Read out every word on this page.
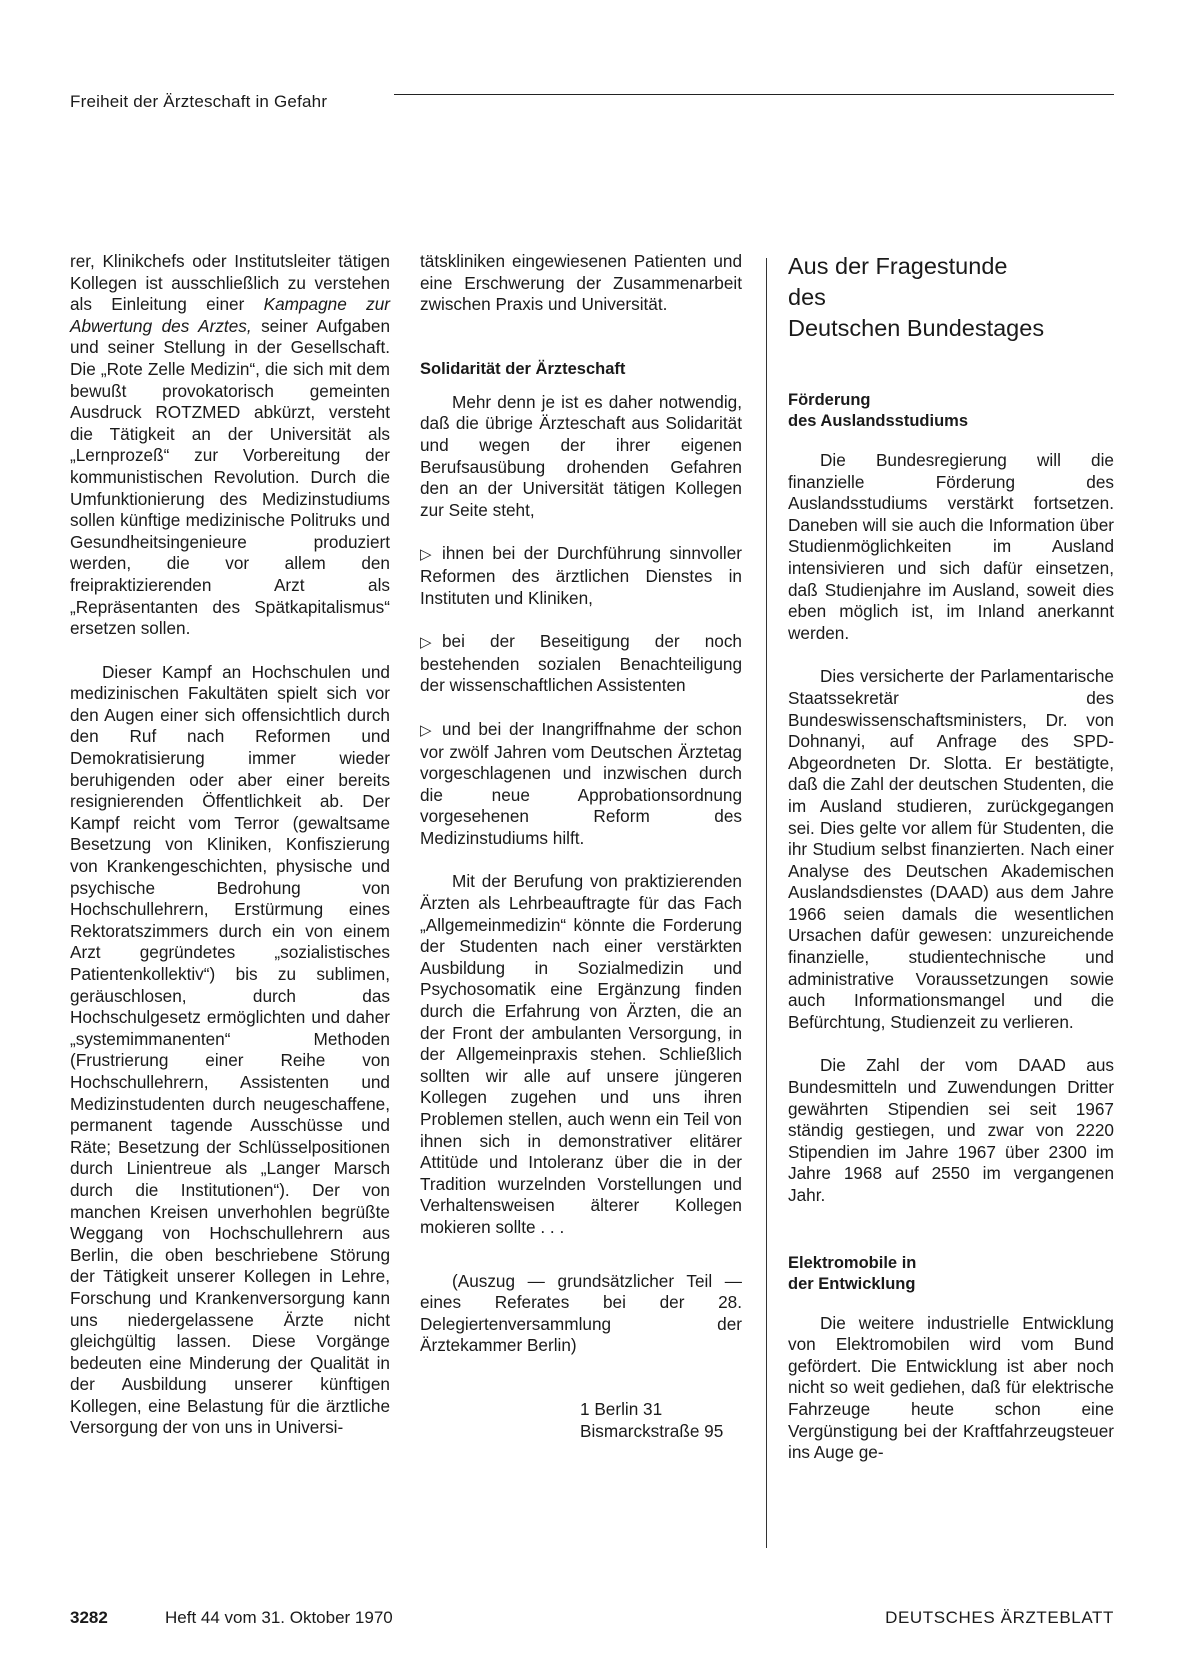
Freiheit der Ärzteschaft in Gefahr

rer, Klinikchefs oder Institutsleiter tätigen Kollegen ist ausschließlich zu verstehen als Einleitung einer Kampagne zur Abwertung des Arztes, seiner Aufgaben und seiner Stellung in der Gesellschaft. Die „Rote Zelle Medizin“, die sich mit dem bewußt provokatorisch gemeinten Ausdruck ROTZMED abkürzt, versteht die Tätigkeit an der Universität als „Lernprozeß“ zur Vorbereitung der kommunistischen Revolution. Durch die Umfunktionierung des Medizinstudiums sollen künftige medizinische Politruks und Gesundheitsingenieure produziert werden, die vor allem den freipraktizierenden Arzt als „Repräsentanten des Spätkapitalismus“ ersetzen sollen.

Dieser Kampf an Hochschulen und medizinischen Fakultäten spielt sich vor den Augen einer sich offensichtlich durch den Ruf nach Reformen und Demokratisierung immer wieder beruhigenden oder aber einer bereits resignierenden Öffentlichkeit ab. Der Kampf reicht vom Terror (gewaltsame Besetzung von Kliniken, Konfiszierung von Krankengeschichten, physische und psychische Bedrohung von Hochschullehrern, Erstürmung eines Rektoratszimmers durch ein von einem Arzt gegründetes „sozialistisches Patientenkollektiv“) bis zu sublimen, geräuschlosen, durch das Hochschulgesetz ermöglichten und daher „systemimmanenten“ Methoden (Frustrierung einer Reihe von Hochschullehrern, Assistenten und Medizinstudenten durch neugeschaffene, permanent tagende Ausschüsse und Räte; Besetzung der Schlüsselpositionen durch Linientreue als „Langer Marsch durch die Institutionen“). Der von manchen Kreisen unverhohlen begrüßte Weggang von Hochschullehrern aus Berlin, die oben beschriebene Störung der Tätigkeit unserer Kollegen in Lehre, Forschung und Krankenversorgung kann uns niedergelassene Ärzte nicht gleichgültig lassen. Diese Vorgänge bedeuten eine Minderung der Qualität in der Ausbildung unserer künftigen Kollegen, eine Belastung für die ärztliche Versorgung der von uns in Universi-

tätskliniken eingewiesenen Patienten und eine Erschwerung der Zusammenarbeit zwischen Praxis und Universität.

Solidarität der Ärzteschaft

Mehr denn je ist es daher notwendig, daß die übrige Ärzteschaft aus Solidarität und wegen der ihrer eigenen Berufsausübung drohenden Gefahren den an der Universität tätigen Kollegen zur Seite steht,

▷ ihnen bei der Durchführung sinnvoller Reformen des ärztlichen Dienstes in Instituten und Kliniken,

▷ bei der Beseitigung der noch bestehenden sozialen Benachteiligung der wissenschaftlichen Assistenten

▷ und bei der Inangriffnahme der schon vor zwölf Jahren vom Deutschen Ärztetag vorgeschlagenen und inzwischen durch die neue Approbationsordnung vorgesehenen Reform des Medizinstudiums hilft.

Mit der Berufung von praktizierenden Ärzten als Lehrbeauftragte für das Fach „Allgemeinmedizin“ könnte die Forderung der Studenten nach einer verstärkten Ausbildung in Sozialmedizin und Psychosomatik eine Ergänzung finden durch die Erfahrung von Ärzten, die an der Front der ambulanten Versorgung, in der Allgemeinpraxis stehen. Schließlich sollten wir alle auf unsere jüngeren Kollegen zugehen und uns ihren Problemen stellen, auch wenn ein Teil von ihnen sich in demonstrativer elitärer Attitüde und Intoleranz über die in der Tradition wurzelnden Vorstellungen und Verhaltensweisen älterer Kollegen mokieren sollte . . .

(Auszug — grundsätzlicher Teil — eines Referates bei der 28. Delegiertenversammlung der Ärztekammer Berlin)

1 Berlin 31

Bismarckstraße 95

Aus der Fragestunde
des
Deutschen Bundestages
Förderung
des Auslandsstudiums

Die Bundesregierung will die finanzielle Förderung des Auslandsstudiums verstärkt fortsetzen. Daneben will sie auch die Information über Studienmöglichkeiten im Ausland intensivieren und sich dafür einsetzen, daß Studienjahre im Ausland, soweit dies eben möglich ist, im Inland anerkannt werden.

Dies versicherte der Parlamentarische Staatssekretär des Bundeswissenschaftsministers, Dr. von Dohnanyi, auf Anfrage des SPD-Abgeordneten Dr. Slotta. Er bestätigte, daß die Zahl der deutschen Studenten, die im Ausland studieren, zurückgegangen sei. Dies gelte vor allem für Studenten, die ihr Studium selbst finanzierten. Nach einer Analyse des Deutschen Akademischen Auslandsdienstes (DAAD) aus dem Jahre 1966 seien damals die wesentlichen Ursachen dafür gewesen: unzureichende finanzielle, studientechnische und administrative Voraussetzungen sowie auch Informationsmangel und die Befürchtung, Studienzeit zu verlieren.

Die Zahl der vom DAAD aus Bundesmitteln und Zuwendungen Dritter gewährten Stipendien sei seit 1967 ständig gestiegen, und zwar von 2220 Stipendien im Jahre 1967 über 2300 im Jahre 1968 auf 2550 im vergangenen Jahr.

Elektromobile in
der Entwicklung

Die weitere industrielle Entwicklung von Elektromobilen wird vom Bund gefördert. Die Entwicklung ist aber noch nicht so weit gediehen, daß für elektrische Fahrzeuge heute schon eine Vergünstigung bei der Kraftfahrzeugsteuer ins Auge ge-

3282	Heft 44 vom 31. Oktober 1970	DEUTSCHES ÄRZTEBLATT
